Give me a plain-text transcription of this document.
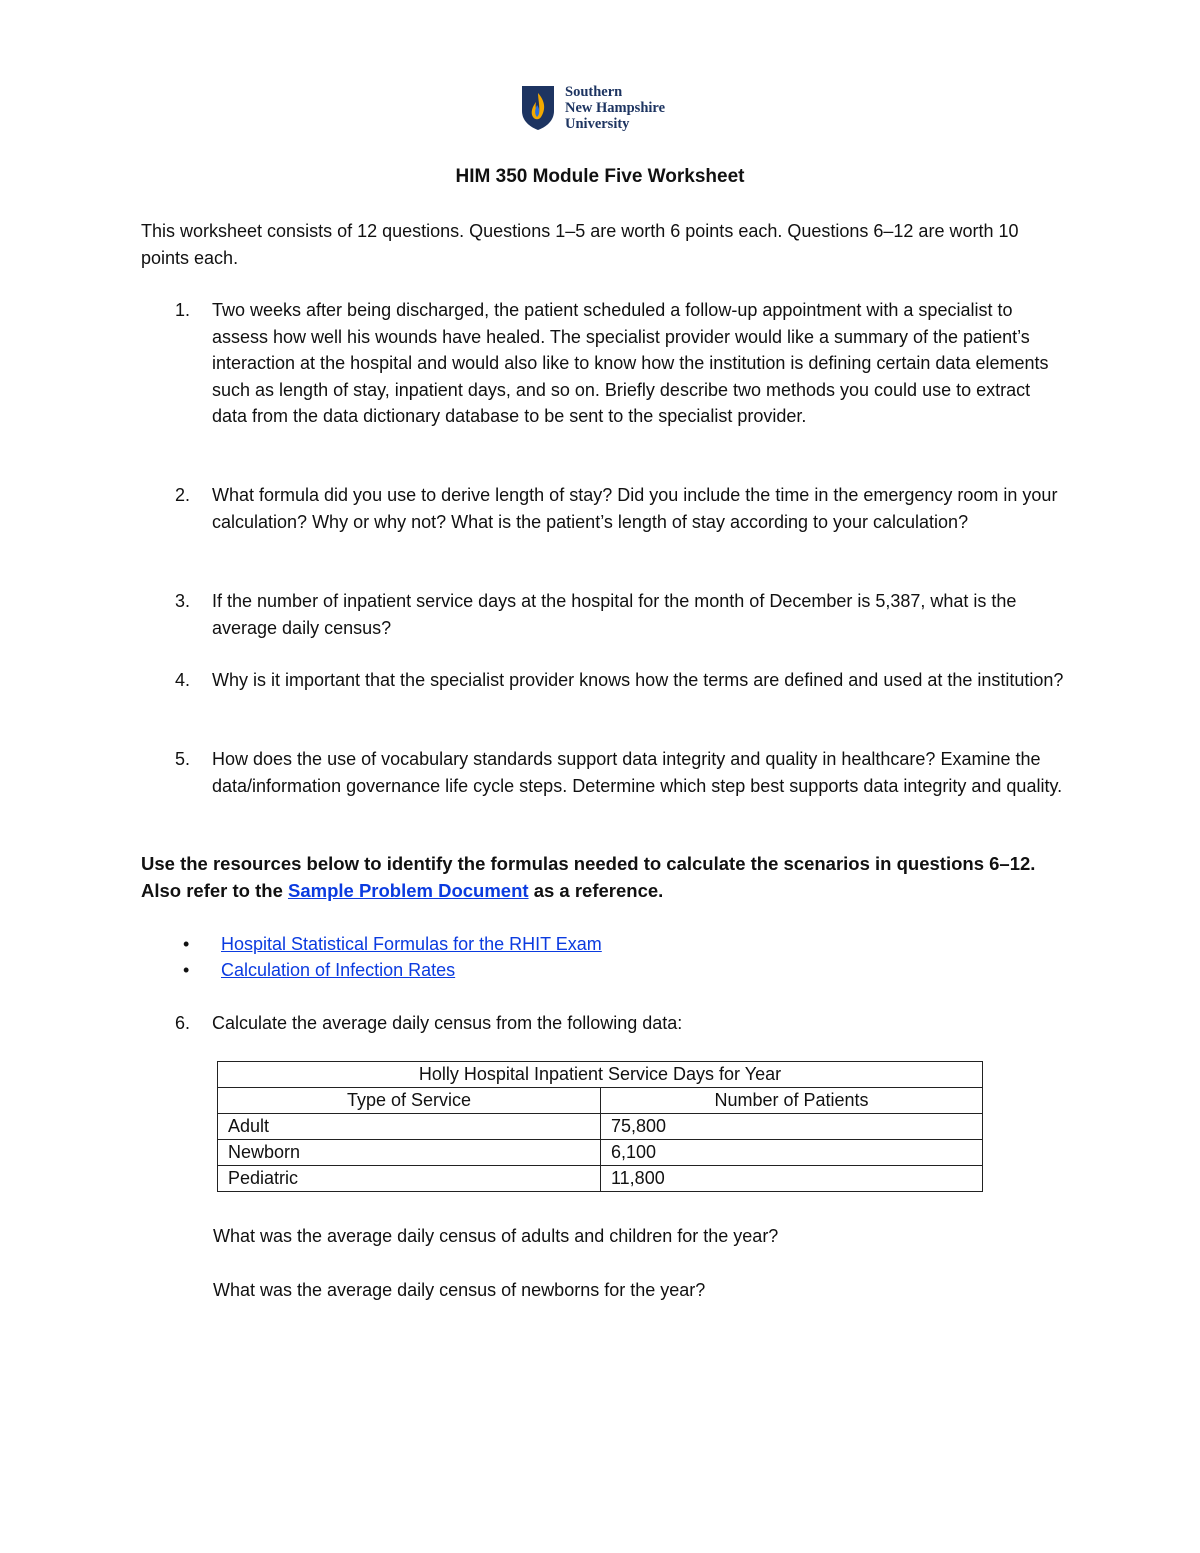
Southern
New Hampshire
University
HIM 350 Module Five Worksheet

This worksheet consists of 12 questions. Questions 1–5 are worth 6 points each. Questions 6–12 are worth 10 points each.

1. Two weeks after being discharged, the patient scheduled a follow-up appointment with a specialist to assess how well his wounds have healed. The specialist provider would like a summary of the patient’s interaction at the hospital and would also like to know how the institution is defining certain data elements such as length of stay, inpatient days, and so on. Briefly describe two methods you could use to extract data from the data dictionary database to be sent to the specialist provider.
2. What formula did you use to derive length of stay? Did you include the time in the emergency room in your calculation? Why or why not? What is the patient’s length of stay according to your calculation?
3. If the number of inpatient service days at the hospital for the month of December is 5,387, what is the average daily census?
4. Why is it important that the specialist provider knows how the terms are defined and used at the institution?
5. How does the use of vocabulary standards support data integrity and quality in healthcare? Examine the data/information governance life cycle steps. Determine which step best supports data integrity and quality.
Use the resources below to identify the formulas needed to calculate the scenarios in questions 6–12.
Also refer to the Sample Problem Document as a reference.
• Hospital Statistical Formulas for the RHIT Exam
• Calculation of Infection Rates
6. Calculate the average daily census from the following data:
Holly Hospital Inpatient Service Days for Year	
Type of Service	Number of Patients
Adult	75,800
Newborn	6,100
Pediatric	11,800

What was the average daily census of adults and children for the year?

What was the average daily census of newborns for the year?
